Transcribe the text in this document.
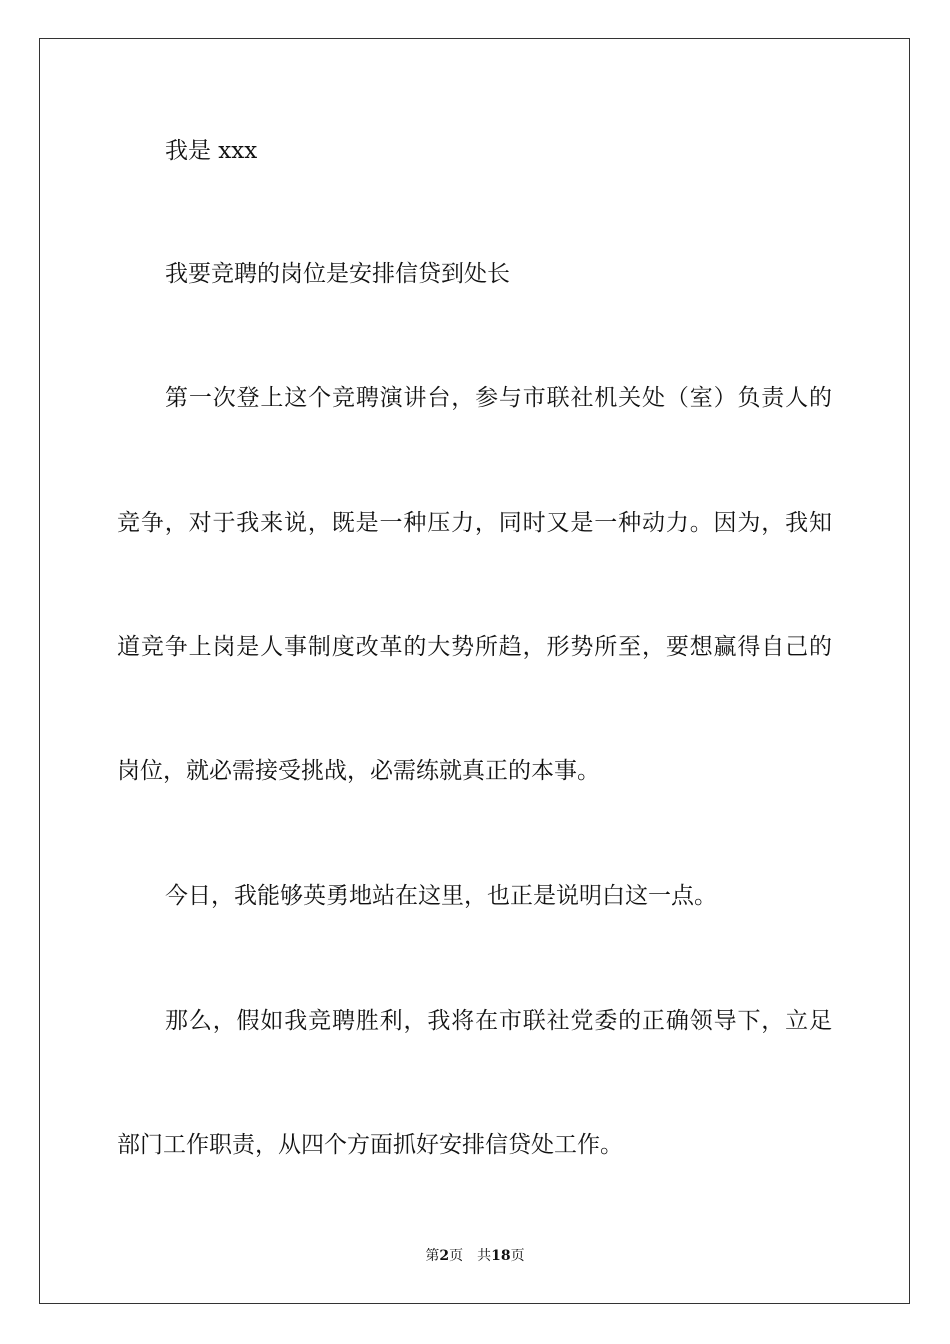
我是 xxx
我要竞聘的岗位是安排信贷到处长
第一次登上这个竞聘演讲台，参与市联社机关处（室）负责人的
竞争，对于我来说，既是一种压力，同时又是一种动力。因为，我知
道竞争上岗是人事制度改革的大势所趋，形势所至，要想赢得自己的
岗位，就必需接受挑战，必需练就真正的本事。
今日，我能够英勇地站在这里，也正是说明白这一点。
那么，假如我竞聘胜利，我将在市联社党委的正确领导下，立足
部门工作职责，从四个方面抓好安排信贷处工作。
第2页 共18页
